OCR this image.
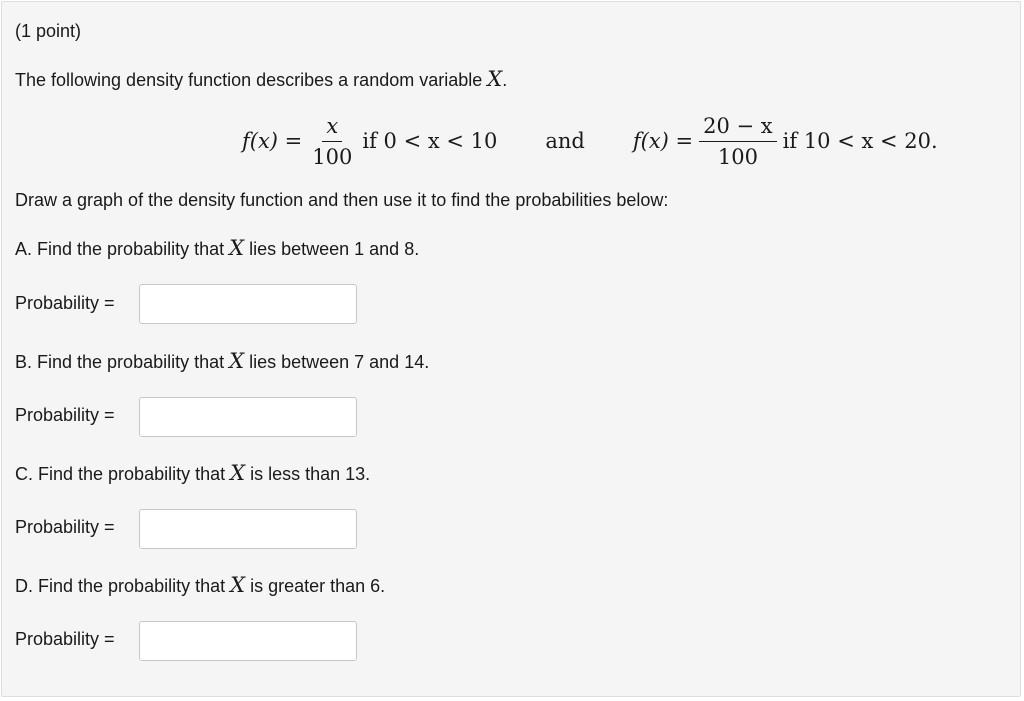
(1 point)
The following density function describes a random variable X.
$f(x) = \frac{x}{100}$ if 0 < x < 10 and $f(x) = \frac{20 - x}{100}$ if 10 < x < 20.
Draw a graph of the density function and then use it to find the probabilities below:
A. Find the probability that X lies between 1 and 8.
Probability =
B. Find the probability that X lies between 7 and 14.
Probability =
C. Find the probability that X is less than 13.
Probability =
D. Find the probability that X is greater than 6.
Probability =
